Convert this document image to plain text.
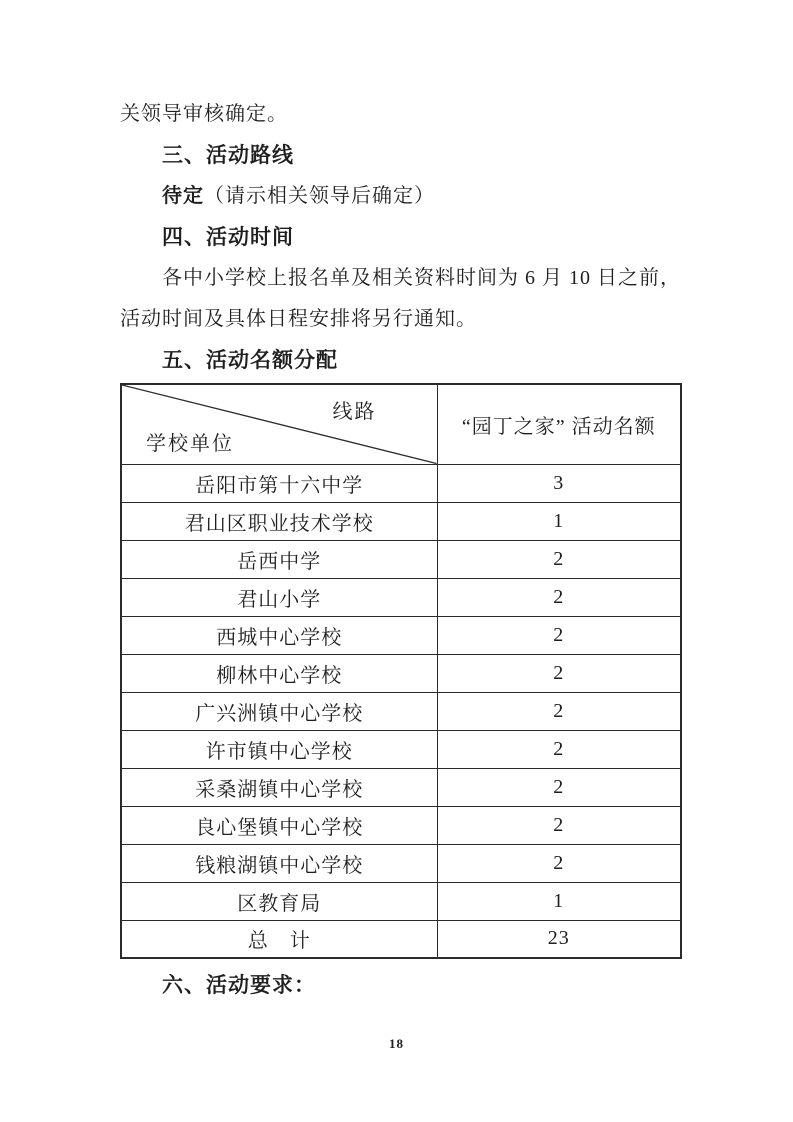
关领导审核确定。

三、活动路线

待定（请示相关领导后确定）

四、活动时间

各中小学校上报名单及相关资料时间为 6 月 10 日之前，

活动时间及具体日程安排将另行通知。

五、活动名额分配

线路
学校单位	“园丁之家” 活动名额
岳阳市第十六中学	3
君山区职业技术学校	1
岳西中学	2
君山小学	2
西城中心学校	2
柳林中心学校	2
广兴洲镇中心学校	2
许市镇中心学校	2
采桑湖镇中心学校	2
良心堡镇中心学校	2
钱粮湖镇中心学校	2
区教育局	1
总　计	23

六、活动要求：

18
